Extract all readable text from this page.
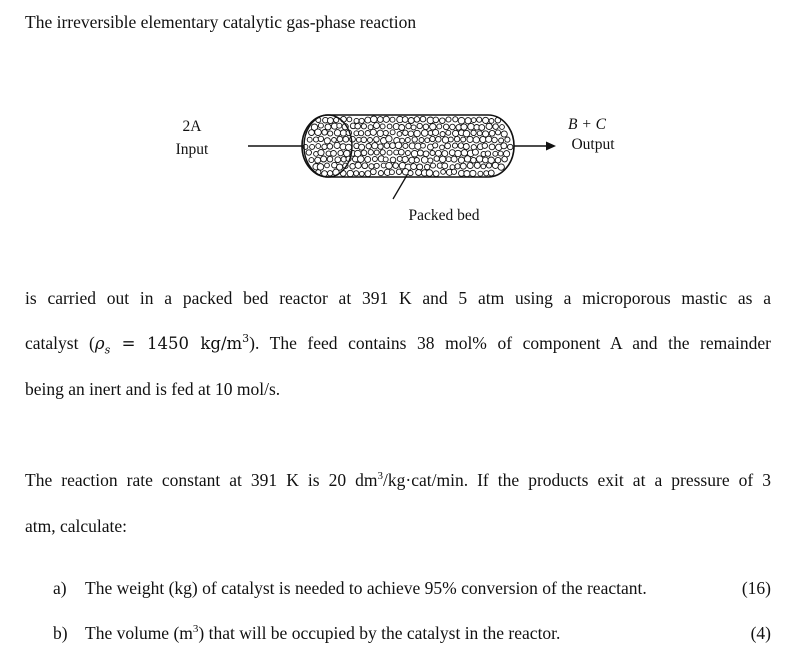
The irreversible elementary catalytic gas-phase reaction
2A
Input
B + C
Output
Packed bed
is carried out in a packed bed reactor at 391 K and 5 atm using a microporous mastic as a
catalyst ($\rho_s = 1450$ $kg/m^3$). The feed contains 38 mol% of component A and the remainder
being an inert and is fed at 10 mol/s.
The reaction rate constant at 391 K is 20 $dm^3/kg\cdot cat/\min$. If the products exit at a pressure of 3
atm, calculate:
a) The weight (kg) of catalyst is needed to achieve 95% conversion of the reactant.	(16)
b) The volume $(m^3)$ that will be occupied by the catalyst in the reactor.	(4)
